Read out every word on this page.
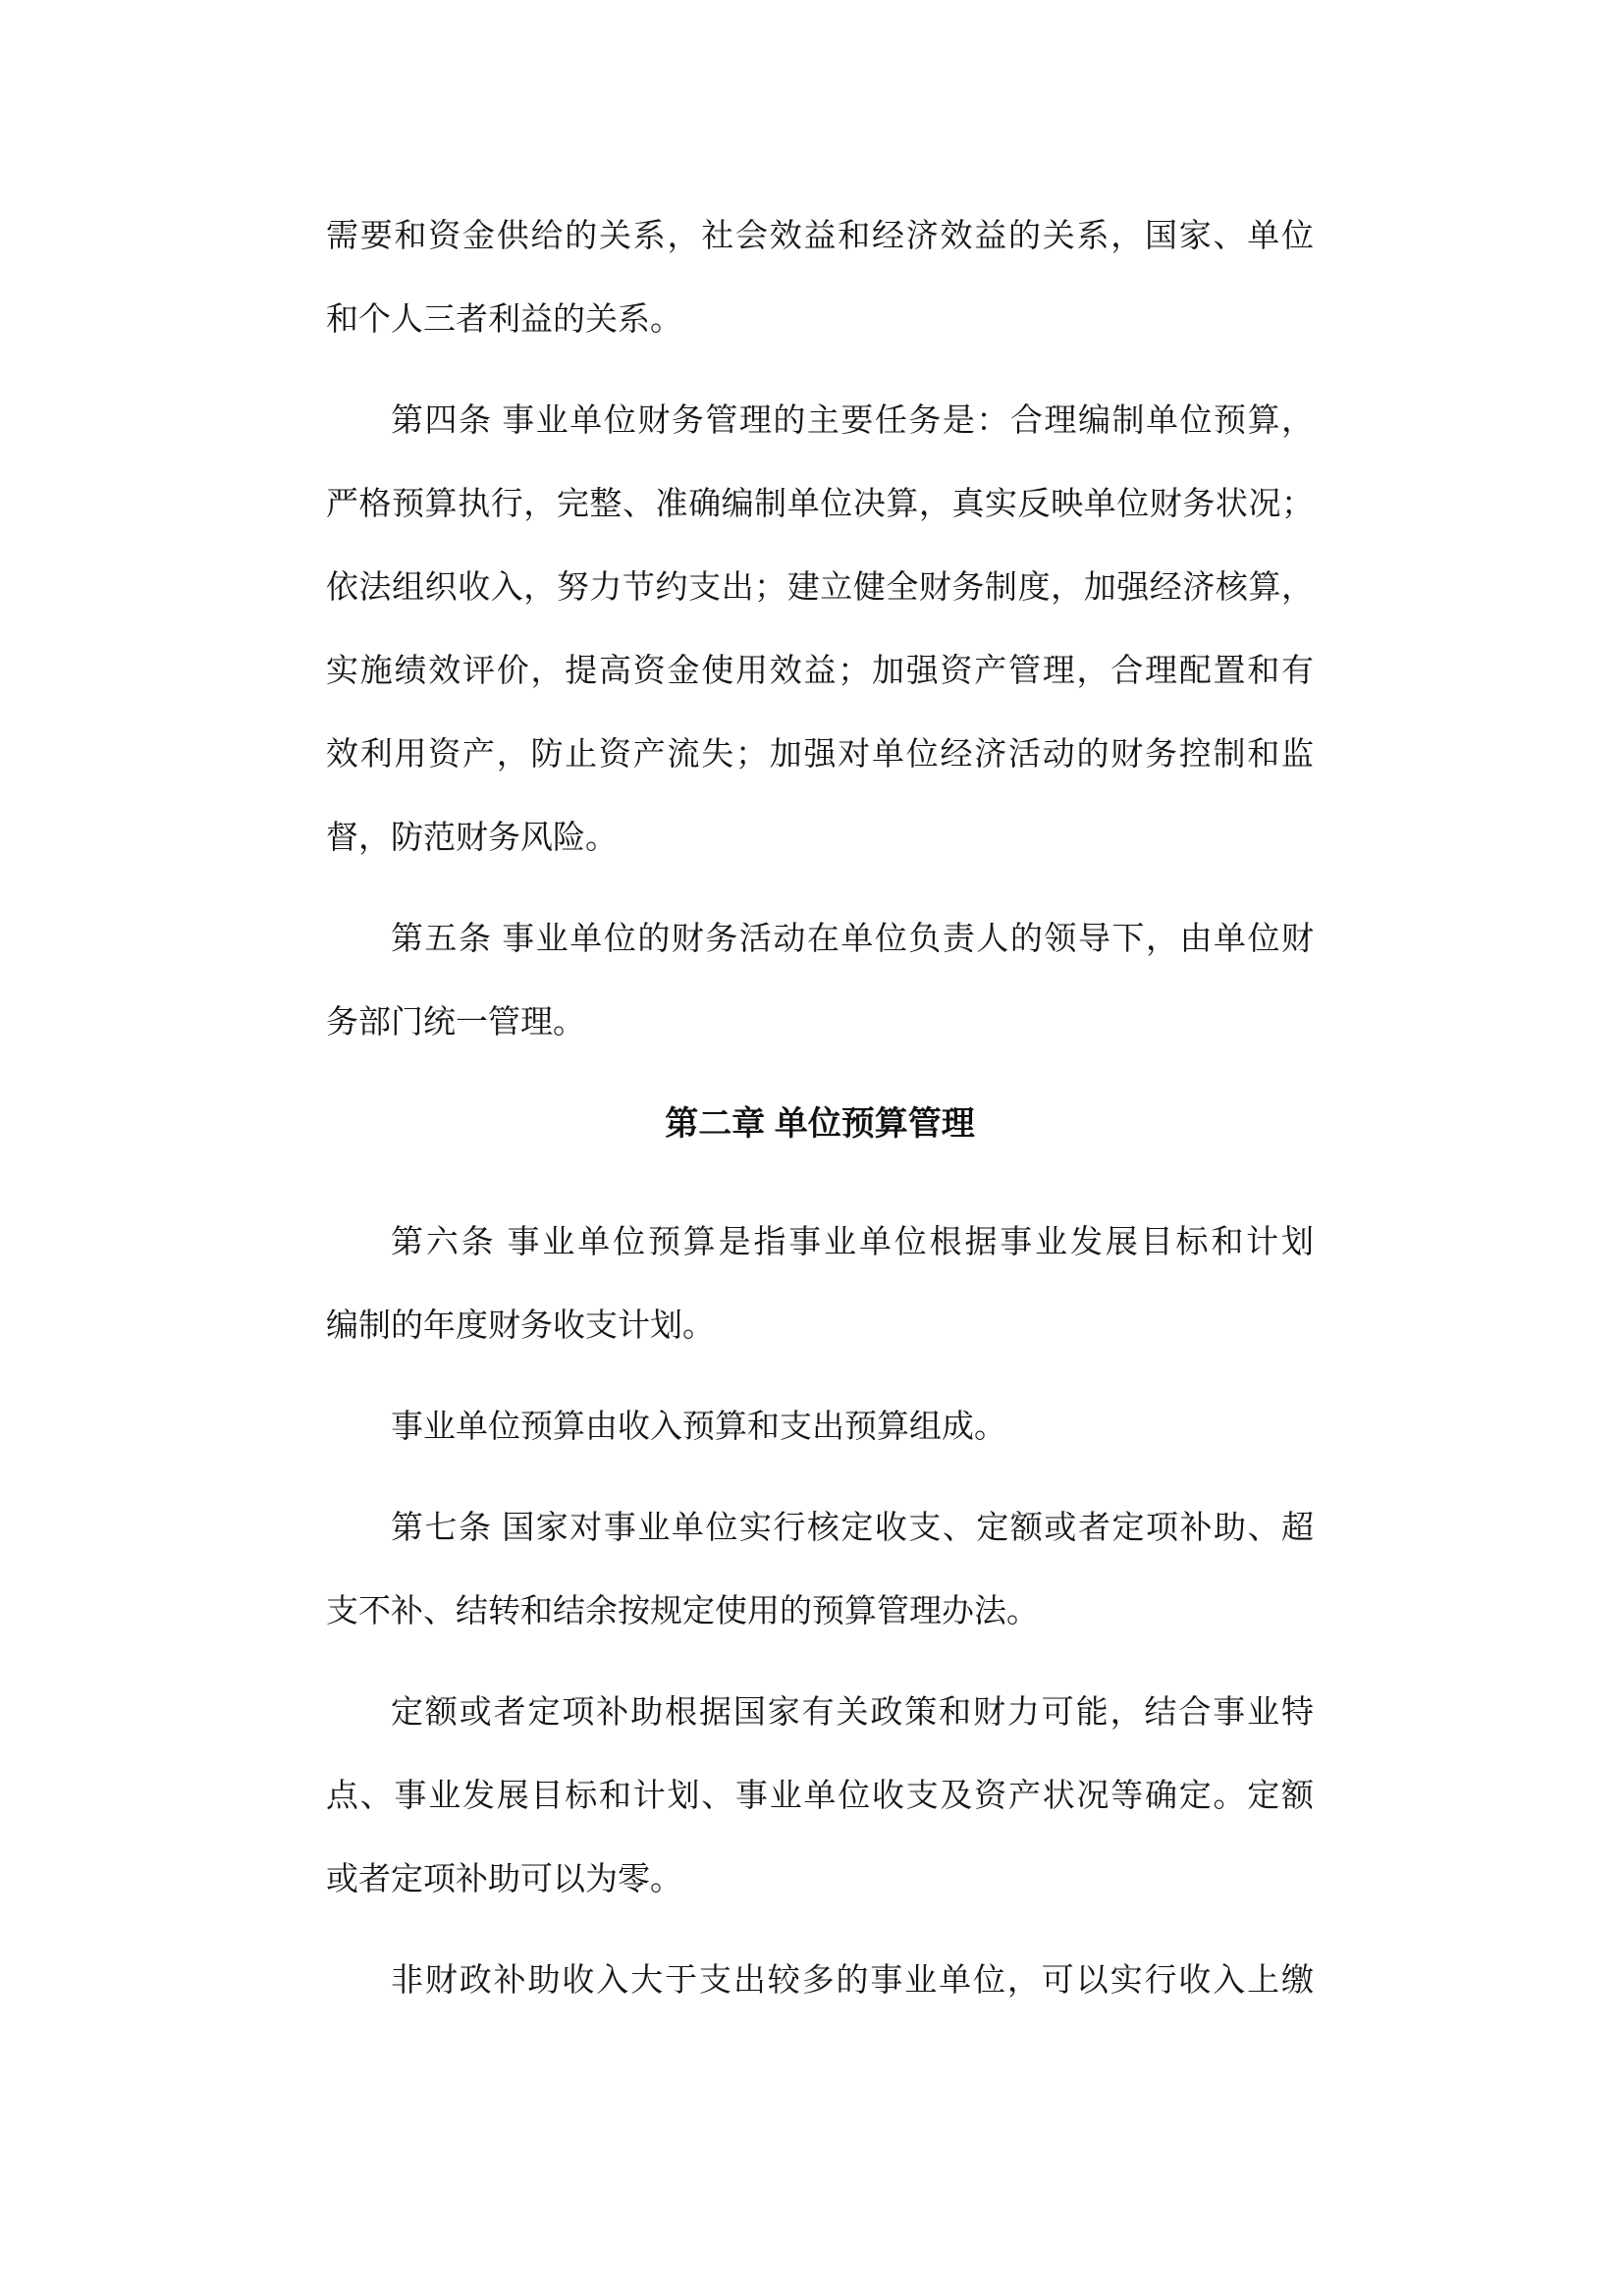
需要和资金供给的关系，社会效益和经济效益的关系，国家、单位
和个人三者利益的关系。
第四条 事业单位财务管理的主要任务是：合理编制单位预算，
严格预算执行，完整、准确编制单位决算，真实反映单位财务状况；
依法组织收入，努力节约支出；建立健全财务制度，加强经济核算，
实施绩效评价，提高资金使用效益；加强资产管理，合理配置和有
效利用资产，防止资产流失；加强对单位经济活动的财务控制和监
督，防范财务风险。
第五条 事业单位的财务活动在单位负责人的领导下，由单位财
务部门统一管理。
第二章 单位预算管理
第六条 事业单位预算是指事业单位根据事业发展目标和计划
编制的年度财务收支计划。
事业单位预算由收入预算和支出预算组成。
第七条 国家对事业单位实行核定收支、定额或者定项补助、超
支不补、结转和结余按规定使用的预算管理办法。
定额或者定项补助根据国家有关政策和财力可能，结合事业特
点、事业发展目标和计划、事业单位收支及资产状况等确定。定额
或者定项补助可以为零。
非财政补助收入大于支出较多的事业单位，可以实行收入上缴
